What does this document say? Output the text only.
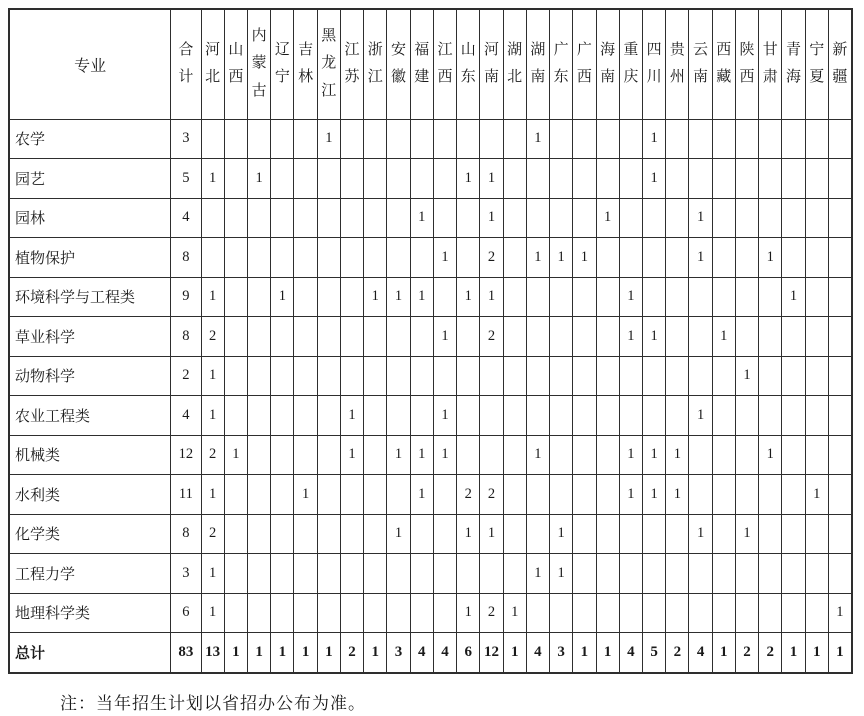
专业	合计	河北	山西	内蒙古	辽宁	吉林	黑龙江	江苏	浙江	安徽	福建	江西	山东	河南	湖北	湖南	广东	广西	海南	重庆	四川	贵州	云南	西藏	陕西	甘肃	青海	宁夏	新疆

农学	3						1									1					1								
园艺	5	1		1									1	1							1								
园林	4										1			1					1				1						
植物保护	8											1		2		1	1	1					1			1			
环境科学与工程类	9	1			1				1	1	1		1	1						1							1		
草业科学	8	2										1		2						1	1			1					
动物科学	2	1																							1				
农业工程类	4	1						1				1											1						
机械类	12	2	1					1		1	1	1				1				1	1	1				1			
水利类	11	1				1					1		2	2						1	1	1						1	
化学类	8	2								1			1	1			1						1		1				
工程力学	3	1														1	1												
地理科学类	6	1											1	2	1														1
总计	83	13	1	1	1	1	1	2	1	3	4	4	6	12	1	4	3	1	1	4	5	2	4	1	2	2	1	1	1

注：当年招生计划以省招办公布为准。
